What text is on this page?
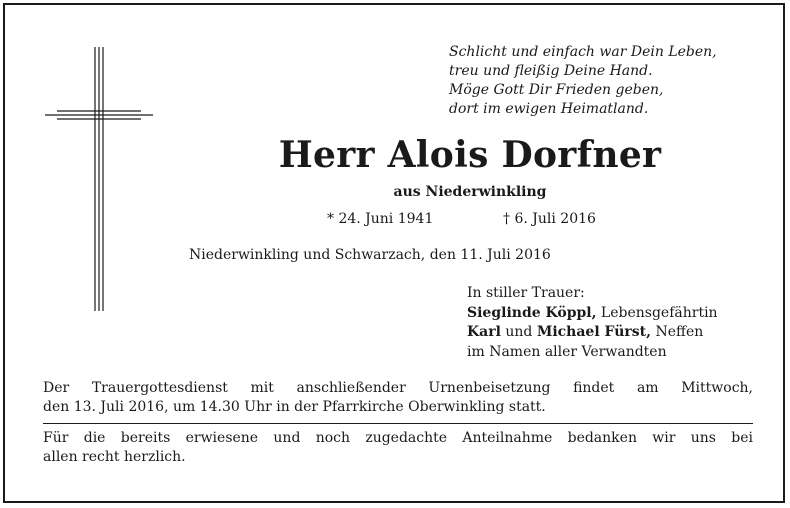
Schlicht und einfach war Dein Leben,
treu und fleißig Deine Hand.
Möge Gott Dir Frieden geben,
dort im ewigen Heimatland.
Herr Alois Dorfner
aus Niederwinkling
* 24. Juni 1941	† 6. Juli 2016
Niederwinkling und Schwarzach, den 11. Juli 2016
In stiller Trauer:
Sieglinde Köppl, Lebensgefährtin
Karl und Michael Fürst, Neffen
im Namen aller Verwandten
Der Trauergottesdienst mit anschließender Urnenbeisetzung findet am Mittwoch,
den 13. Juli 2016, um 14.30 Uhr in der Pfarrkirche Oberwinkling statt.
Für die bereits erwiesene und noch zugedachte Anteilnahme bedanken wir uns bei
allen recht herzlich.
